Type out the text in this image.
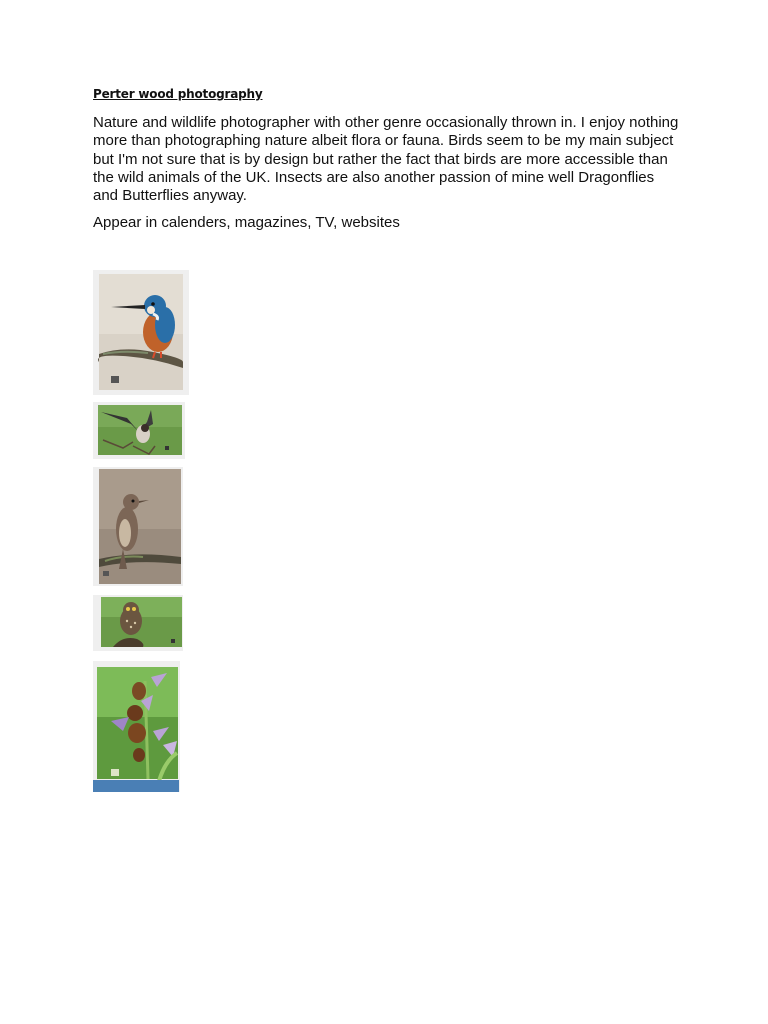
Perter wood photography

Nature and wildlife photographer with other genre occasionally thrown in. I enjoy nothing more than photographing nature albeit flora or fauna. Birds seem to be my main subject but I'm not sure that is by design but rather the fact that birds are more accessible than the wild animals of the UK. Insects are also another passion of mine well Dragonflies and Butterflies anyway.

Appear in calenders, magazines, TV, websites
